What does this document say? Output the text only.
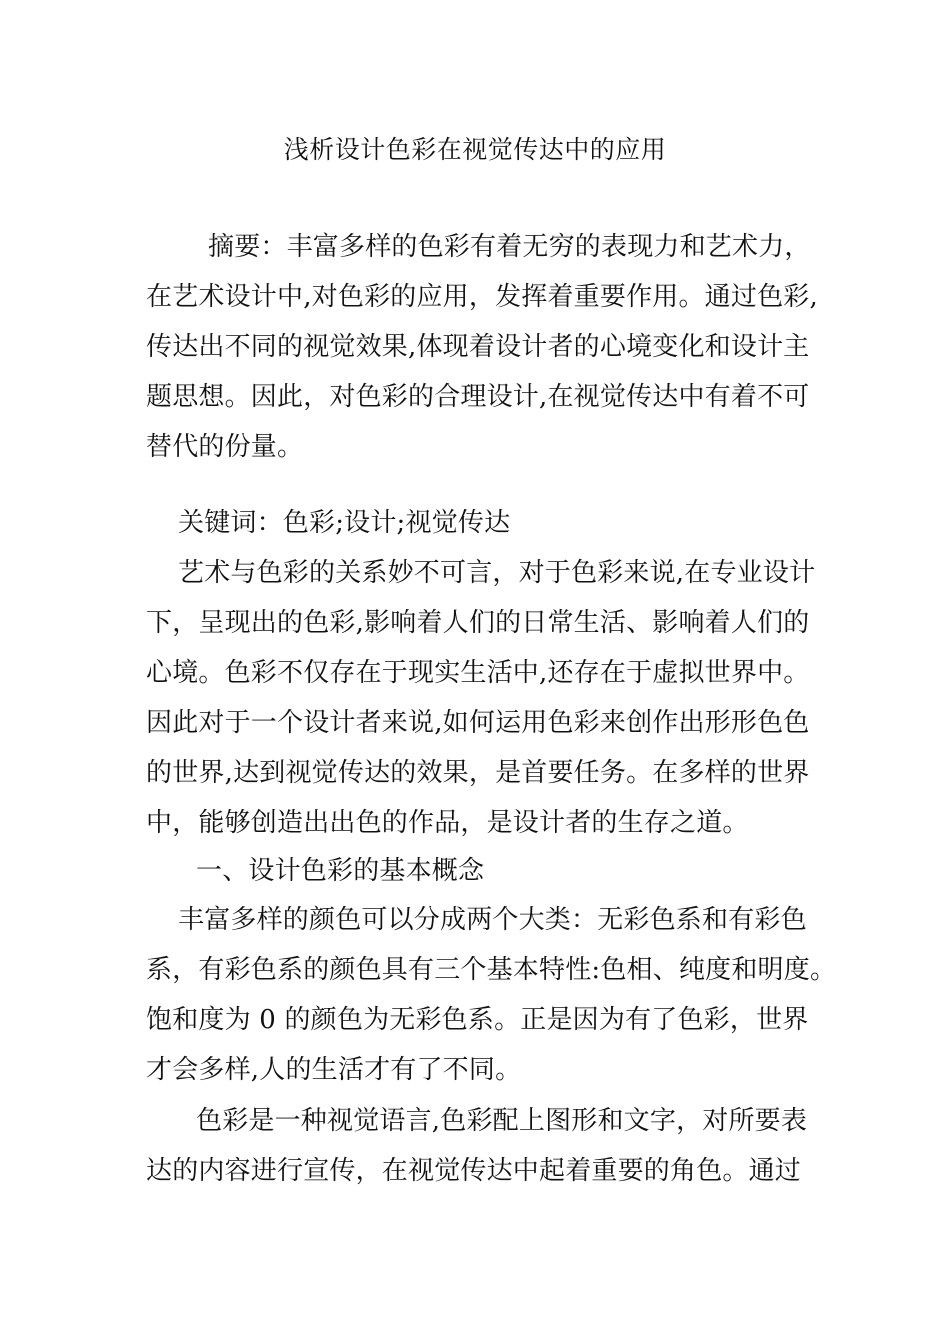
浅析设计色彩在视觉传达中的应用
摘要：丰富多样的色彩有着无穷的表现力和艺术力，
在艺术设计中,对色彩的应用，发挥着重要作用。通过色彩,
传达出不同的视觉效果,体现着设计者的心境变化和设计主
题思想。因此，对色彩的合理设计,在视觉传达中有着不可
替代的份量。
关键词：色彩;设计;视觉传达
艺术与色彩的关系妙不可言，对于色彩来说,在专业设计
下，呈现出的色彩,影响着人们的日常生活、影响着人们的
心境。色彩不仅存在于现实生活中,还存在于虚拟世界中。
因此对于一个设计者来说,如何运用色彩来创作出形形色色
的世界,达到视觉传达的效果，是首要任务。在多样的世界
中，能够创造出出色的作品，是设计者的生存之道。
一、设计色彩的基本概念
丰富多样的颜色可以分成两个大类：无彩色系和有彩色
系，有彩色系的颜色具有三个基本特性:色相、纯度和明度。
饱和度为 0 的颜色为无彩色系。正是因为有了色彩，世界
才会多样,人的生活才有了不同。
色彩是一种视觉语言,色彩配上图形和文字，对所要表
达的内容进行宣传，在视觉传达中起着重要的角色。通过
